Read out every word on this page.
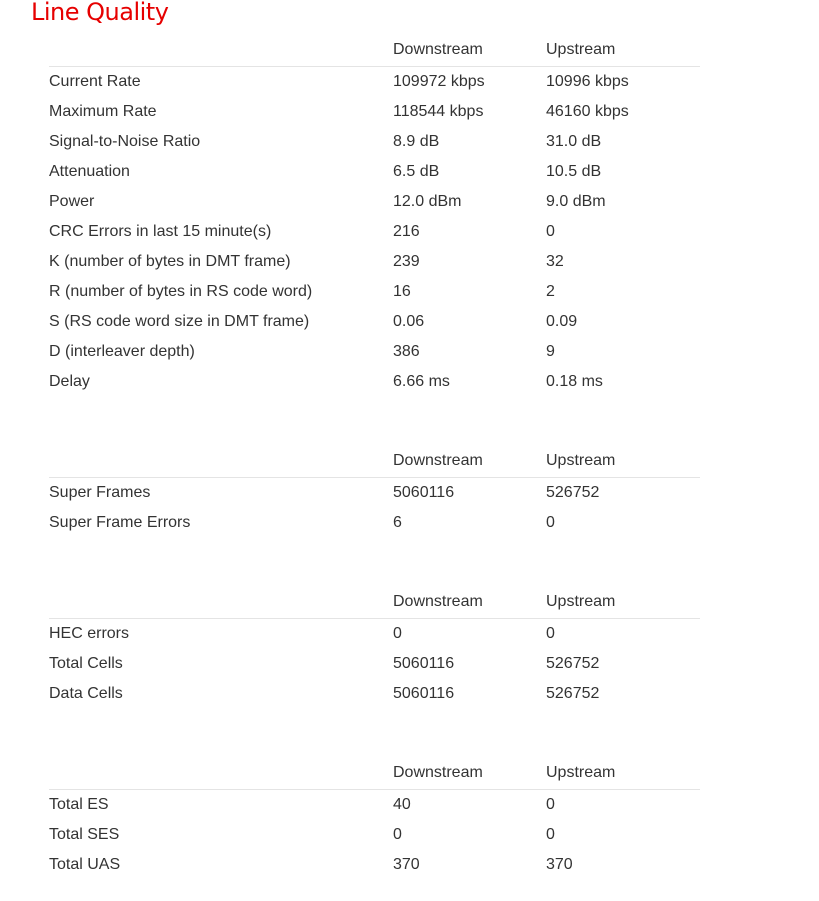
Line Quality
	Downstream	Upstream
Current Rate	109972 kbps	10996 kbps
Maximum Rate	118544 kbps	46160 kbps
Signal-to-Noise Ratio	8.9 dB	31.0 dB
Attenuation	6.5 dB	10.5 dB
Power	12.0 dBm	9.0 dBm
CRC Errors in last 15 minute(s)	216	0
K (number of bytes in DMT frame)	239	32
R (number of bytes in RS code word)	16	2
S (RS code word size in DMT frame)	0.06	0.09
D (interleaver depth)	386	9
Delay	6.66 ms	0.18 ms
	Downstream	Upstream
Super Frames	5060116	526752
Super Frame Errors	6	0
	Downstream	Upstream
HEC errors	0	0
Total Cells	5060116	526752
Data Cells	5060116	526752
	Downstream	Upstream
Total ES	40	0
Total SES	0	0
Total UAS	370	370
